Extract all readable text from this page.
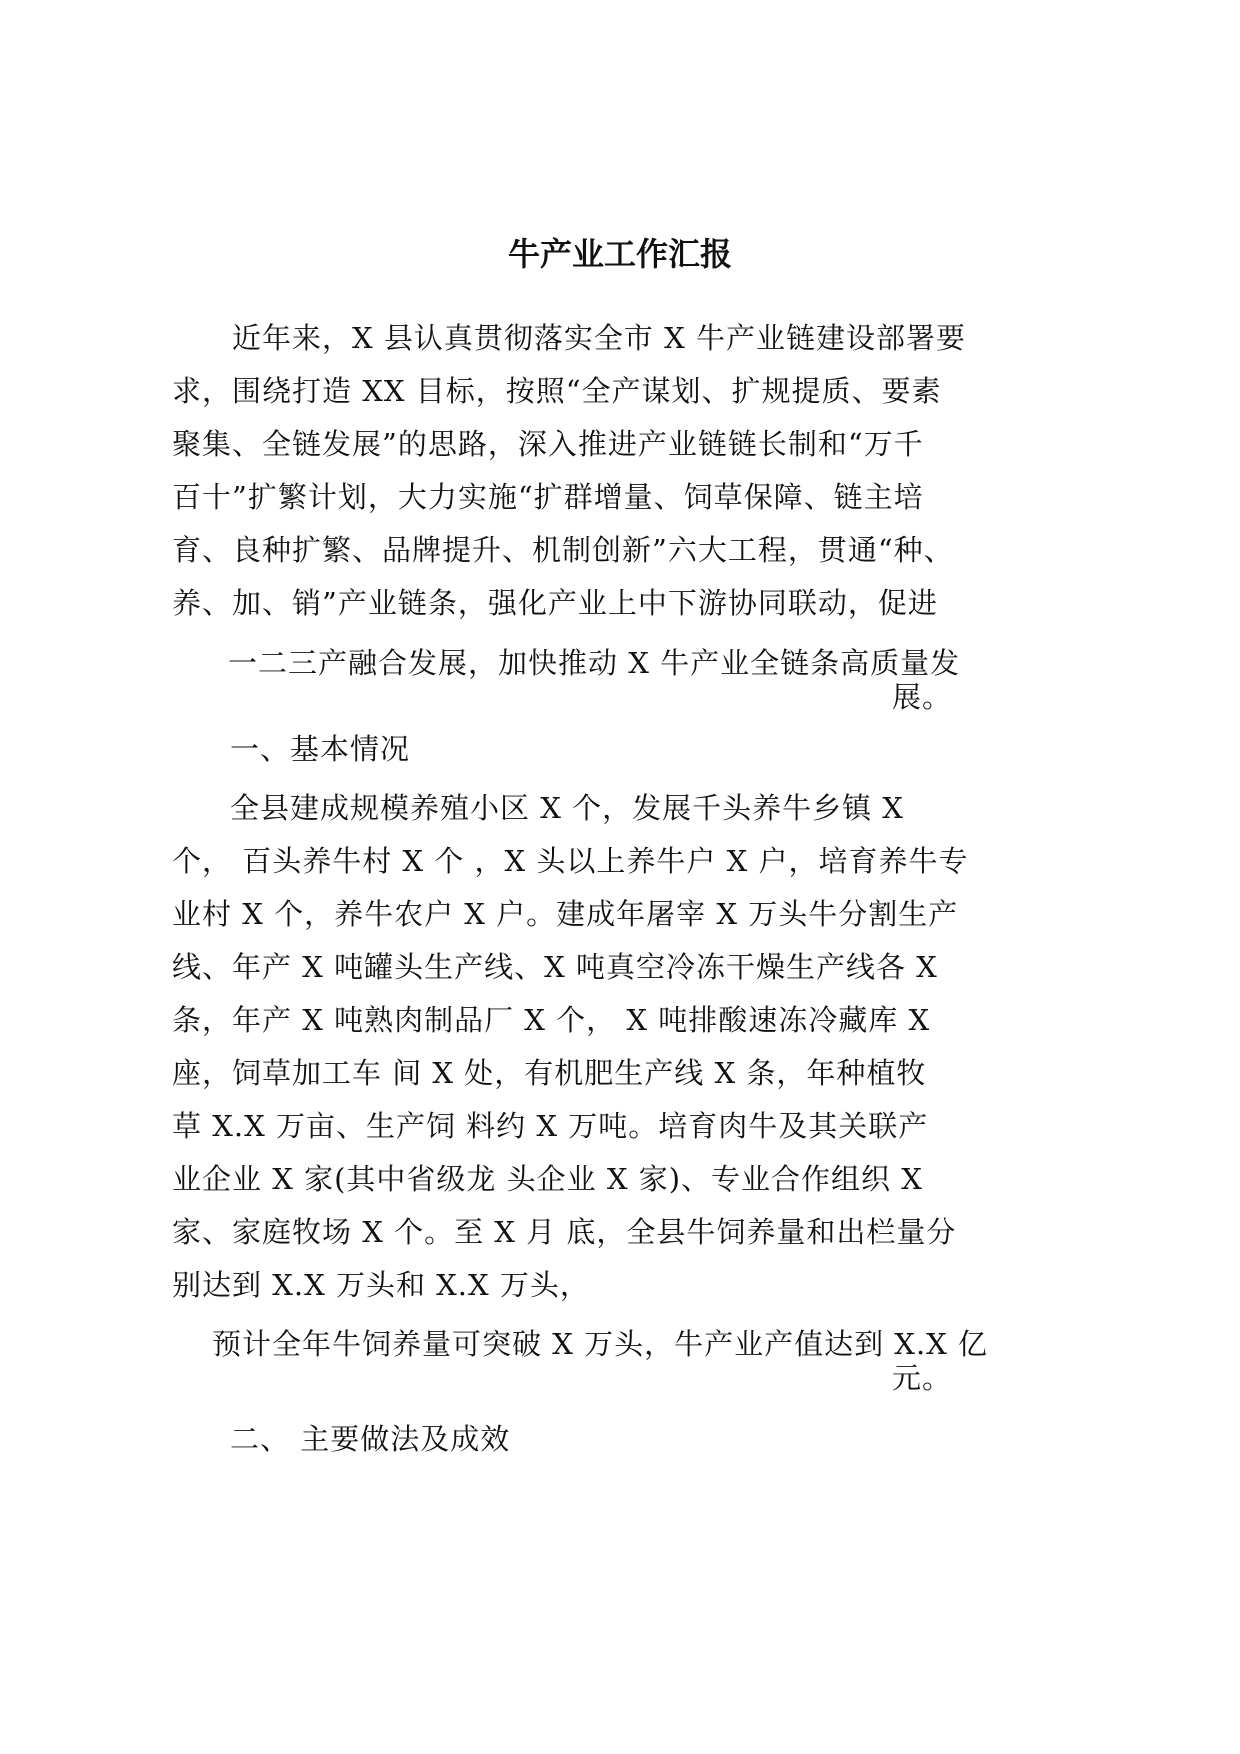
牛产业工作汇报

近年来，X 县认真贯彻落实全市 X 牛产业链建设部署要

求，围绕打造 XX 目标，按照“全产谋划、扩规提质、要素

聚集、全链发展”的思路，深入推进产业链链长制和“万千

百十”扩繁计划，大力实施“扩群增量、饲草保障、链主培

育、良种扩繁、品牌提升、机制创新”六大工程，贯通“种、

养、加、销”产业链条，强化产业上中下游协同联动，促进

一二三产融合发展，加快推动 X 牛产业全链条高质量发

展。

一、基本情况

全县建成规模养殖小区 X 个，发展千头养牛乡镇 X

个， 百头养牛村 X 个 ，X 头以上养牛户 X 户，培育养牛专

业村 X 个，养牛农户 X 户。建成年屠宰 X 万头牛分割生产

线、年产 X 吨罐头生产线、X 吨真空冷冻干燥生产线各 X

条，年产 X 吨熟肉制品厂 X 个， X 吨排酸速冻冷藏库 X

座，饲草加工车 间 X 处，有机肥生产线 X 条，年种植牧

草 X.X 万亩、生产饲 料约 X 万吨。培育肉牛及其关联产

业企业 X 家(其中省级龙 头企业 X 家)、专业合作组织 X

家、家庭牧场 X 个。至 X 月 底，全县牛饲养量和出栏量分

别达到 X.X 万头和 X.X 万头，

预计全年牛饲养量可突破 X 万头，牛产业产值达到 X.X 亿

元。

二、 主要做法及成效
